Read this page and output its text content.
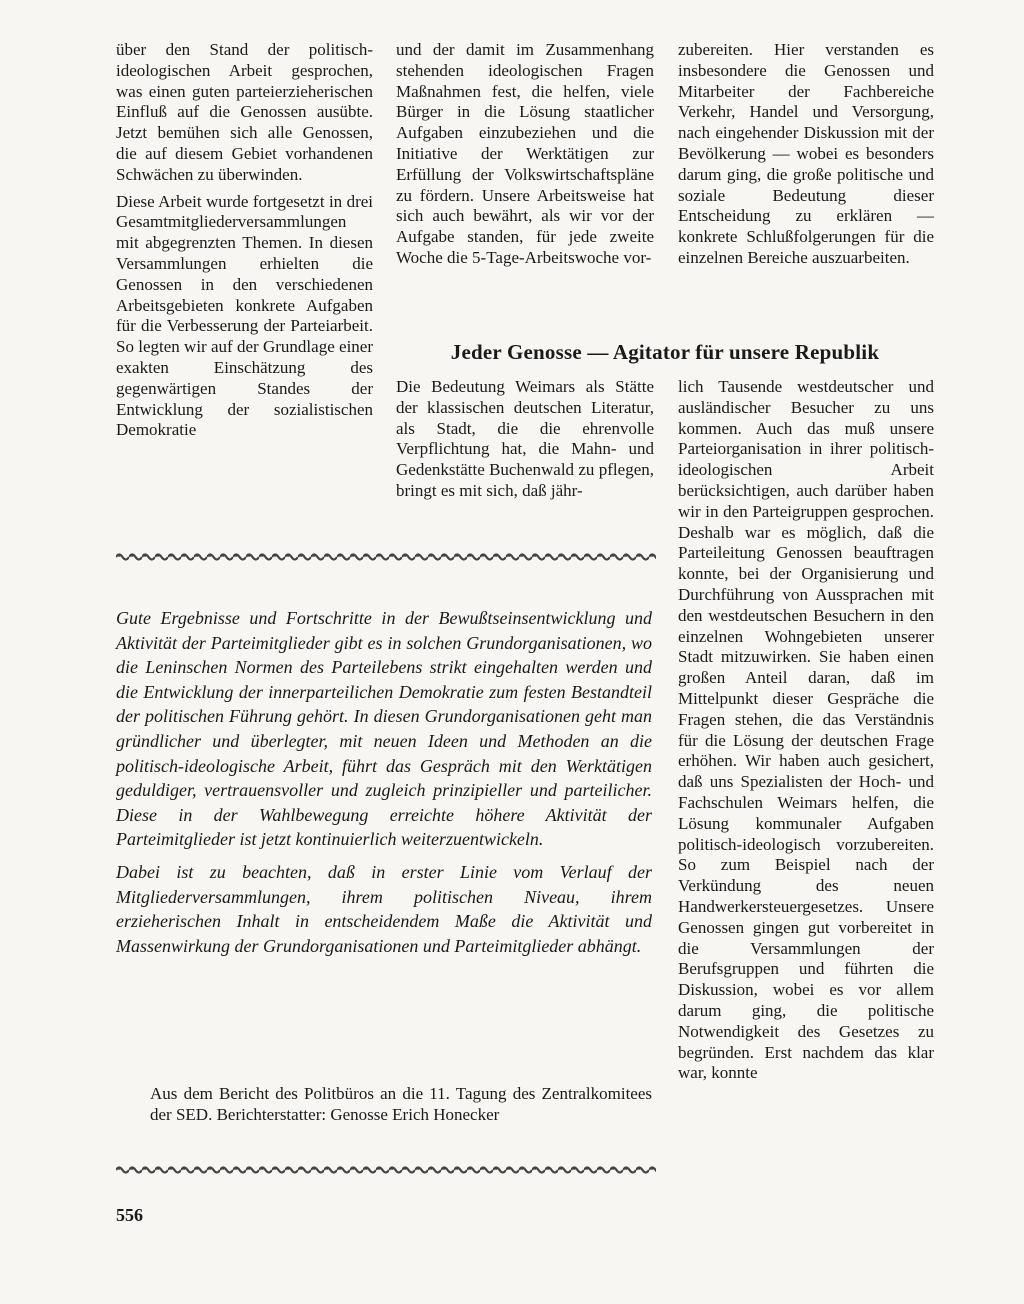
über den Stand der politisch-ideologischen Arbeit gesprochen, was einen guten parteierzieherischen Einfluß auf die Genossen ausübte. Jetzt bemühen sich alle Genossen, die auf diesem Gebiet vorhandenen Schwächen zu überwinden.

Diese Arbeit wurde fortgesetzt in drei Gesamtmitgliederversammlungen mit abgegrenzten Themen. In diesen Versammlungen erhielten die Genossen in den verschiedenen Arbeitsgebieten konkrete Aufgaben für die Verbesserung der Parteiarbeit. So legten wir auf der Grundlage einer exakten Einschätzung des gegenwärtigen Standes der Entwicklung der sozialistischen Demokratie

und der damit im Zusammenhang stehenden ideologischen Fragen Maßnahmen fest, die helfen, viele Bürger in die Lösung staatlicher Aufgaben einzubeziehen und die Initiative der Werktätigen zur Erfüllung der Volkswirtschaftspläne zu fördern. Unsere Arbeitsweise hat sich auch bewährt, als wir vor der Aufgabe standen, für jede zweite Woche die 5-Tage-Arbeitswoche vor-

zubereiten. Hier verstanden es insbesondere die Genossen und Mitarbeiter der Fachbereiche Verkehr, Handel und Versorgung, nach eingehender Diskussion mit der Bevölkerung — wobei es besonders darum ging, die große politische und soziale Bedeutung dieser Entscheidung zu erklären — konkrete Schlußfolgerungen für die einzelnen Bereiche auszuarbeiten.

Jeder Genosse — Agitator für unsere Republik

Die Bedeutung Weimars als Stätte der klassischen deutschen Literatur, als Stadt, die die ehrenvolle Verpflichtung hat, die Mahn- und Gedenkstätte Buchenwald zu pflegen, bringt es mit sich, daß jähr-

lich Tausende westdeutscher und ausländischer Besucher zu uns kommen. Auch das muß unsere Parteiorganisation in ihrer politisch-ideologischen Arbeit berücksichtigen, auch darüber haben wir in den Parteigruppen gesprochen. Deshalb war es möglich, daß die Parteileitung Genossen beauftragen konnte, bei der Organisierung und Durchführung von Aussprachen mit den westdeutschen Besuchern in den einzelnen Wohngebieten unserer Stadt mitzuwirken. Sie haben einen großen Anteil daran, daß im Mittelpunkt dieser Gespräche die Fragen stehen, die das Verständnis für die Lösung der deutschen Frage erhöhen. Wir haben auch gesichert, daß uns Spezialisten der Hoch- und Fachschulen Weimars helfen, die Lösung kommunaler Aufgaben politisch-ideologisch vorzubereiten. So zum Beispiel nach der Verkündung des neuen Handwerkersteuergesetzes. Unsere Genossen gingen gut vorbereitet in die Versammlungen der Berufsgruppen und führten die Diskussion, wobei es vor allem darum ging, die politische Notwendigkeit des Gesetzes zu begründen. Erst nachdem das klar war, konnte

Gute Ergebnisse und Fortschritte in der Bewußtseinsentwicklung und Aktivität der Parteimitglieder gibt es in solchen Grundorganisationen, wo die Leninschen Normen des Parteilebens strikt eingehalten werden und die Entwicklung der innerparteilichen Demokratie zum festen Bestandteil der politischen Führung gehört. In diesen Grundorganisationen geht man gründlicher und überlegter, mit neuen Ideen und Methoden an die politisch-ideologische Arbeit, führt das Gespräch mit den Werktätigen geduldiger, vertrauensvoller und zugleich prinzipieller und parteilicher. Diese in der Wahlbewegung erreichte höhere Aktivität der Parteimitglieder ist jetzt kontinuierlich weiterzuentwickeln.

Dabei ist zu beachten, daß in erster Linie vom Verlauf der Mitgliederversammlungen, ihrem politischen Niveau, ihrem erzieherischen Inhalt in entscheidendem Maße die Aktivität und Massenwirkung der Grundorganisationen und Parteimitglieder abhängt.

Aus dem Bericht des Politbüros an die 11. Tagung des Zentralkomitees der SED. Berichterstatter: Genosse Erich Honecker
556
